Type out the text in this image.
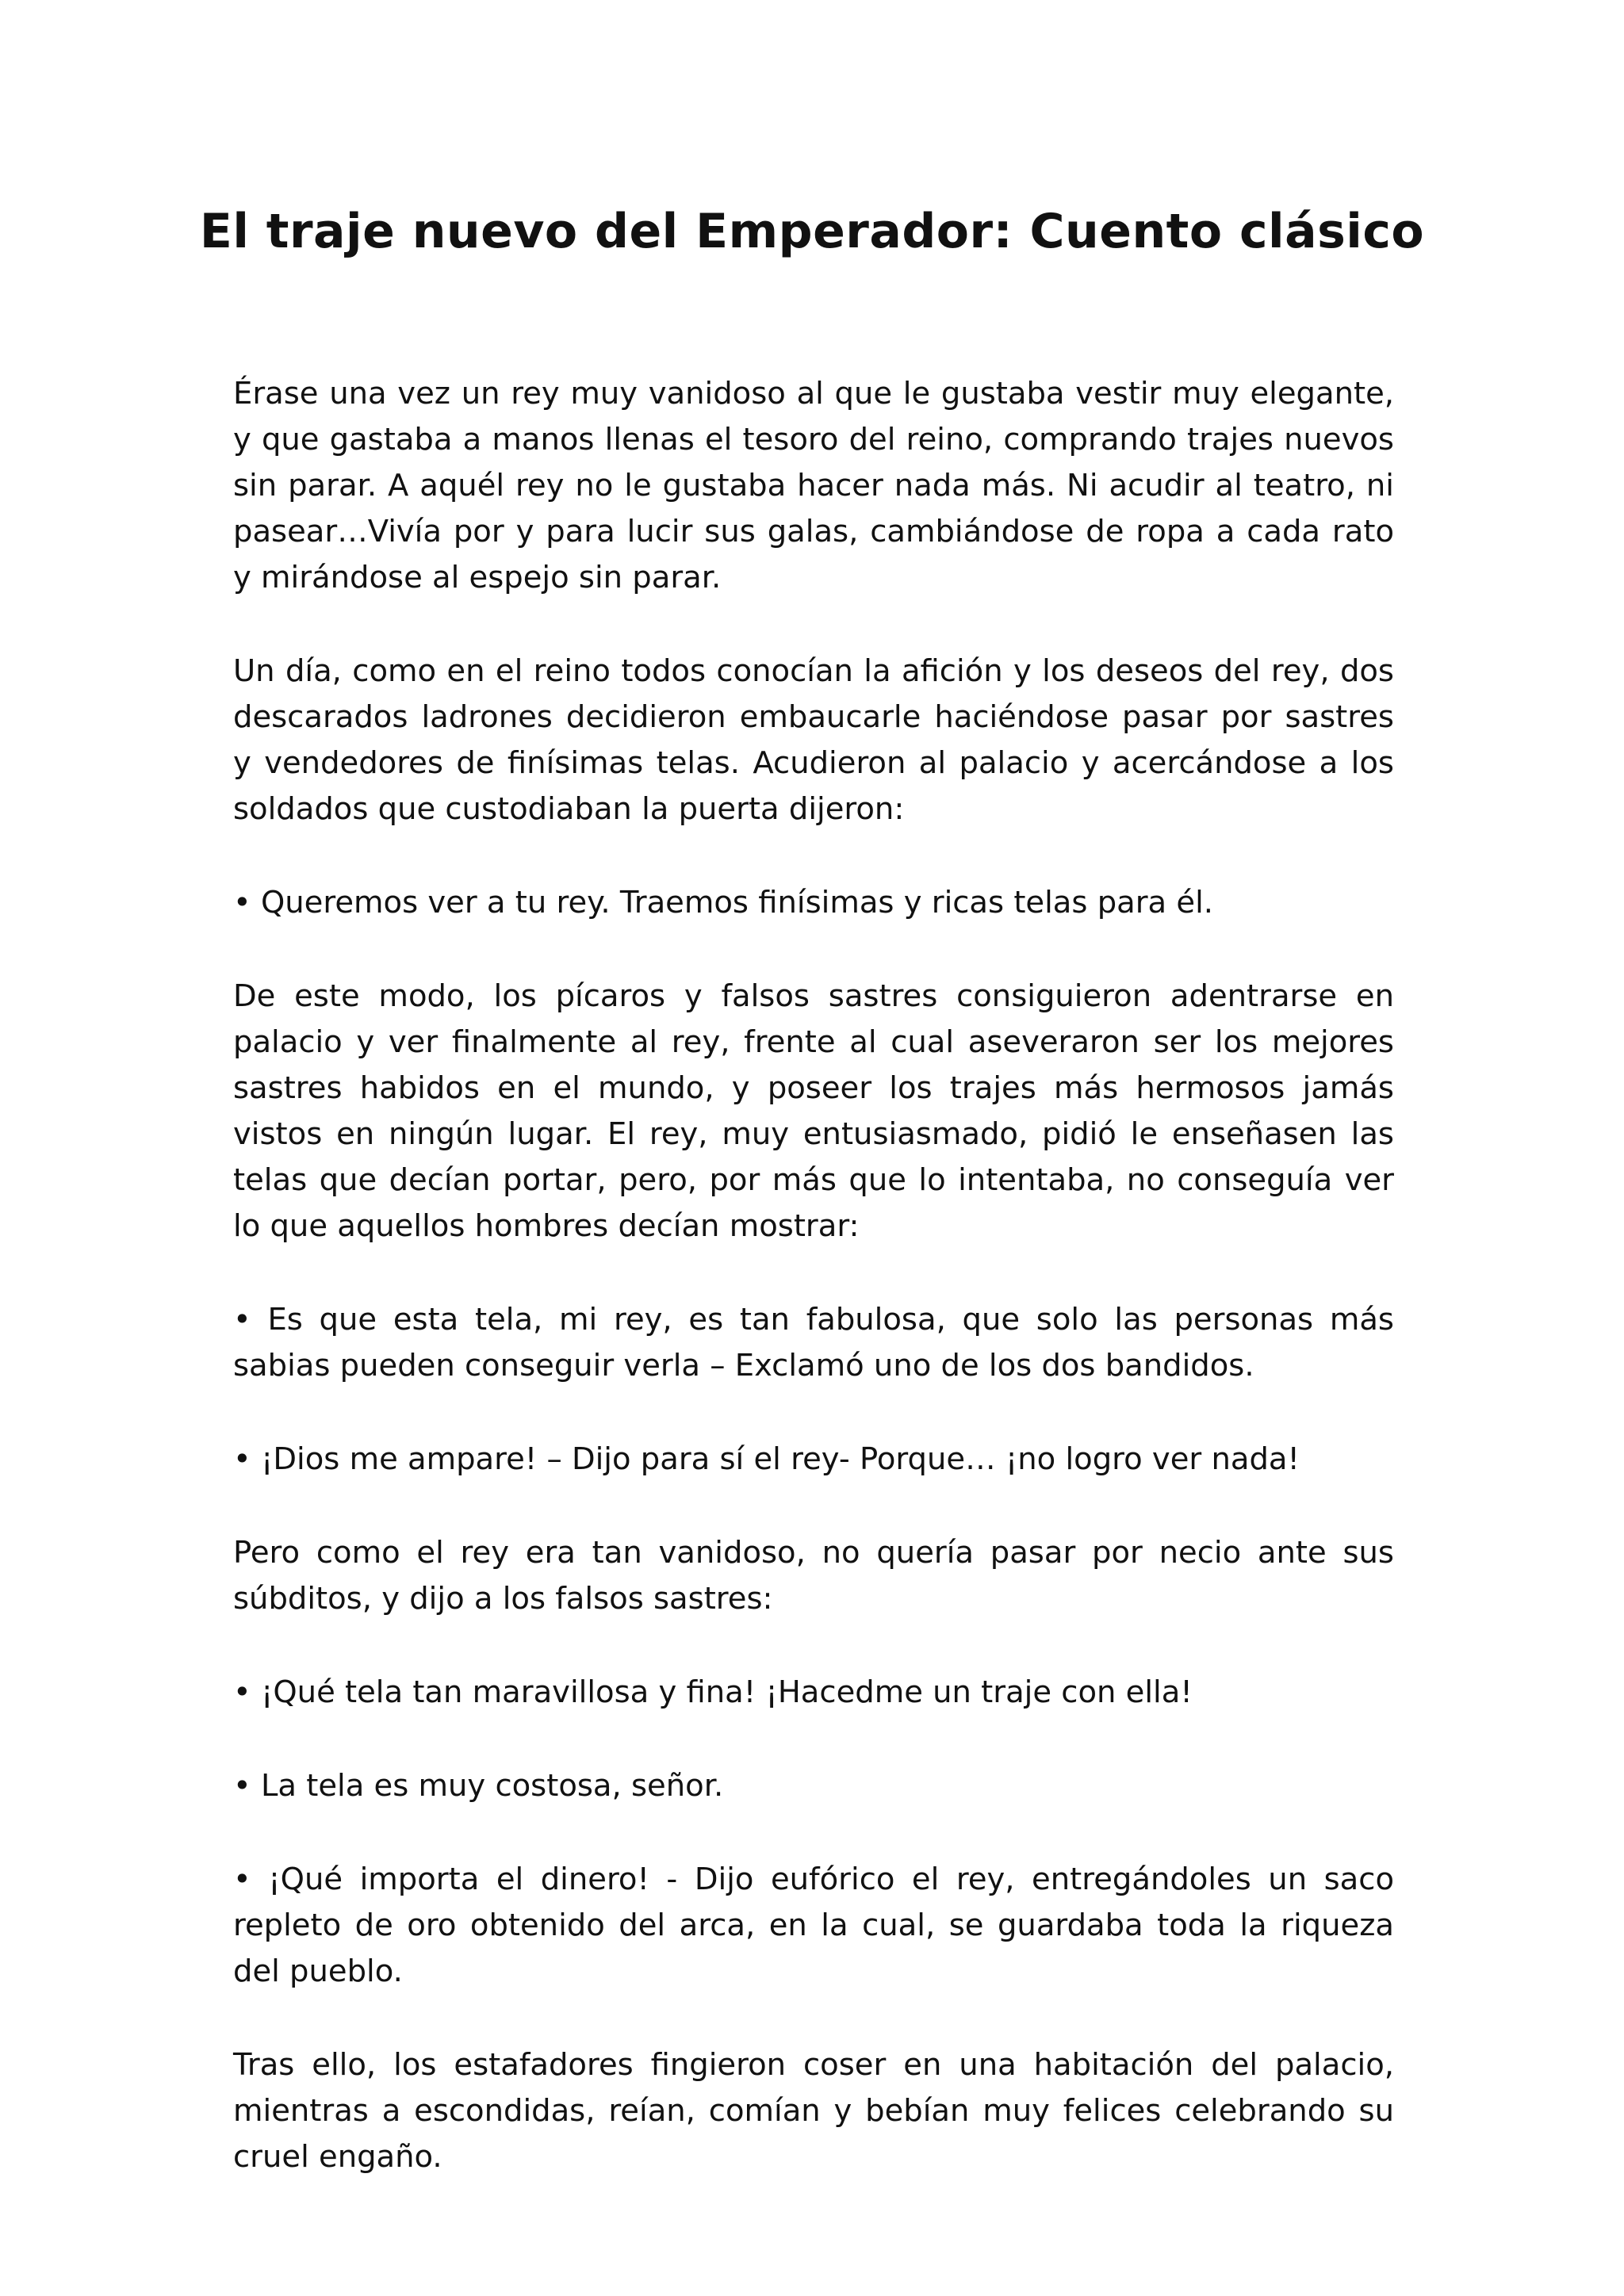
El traje nuevo del Emperador: Cuento clásico

Érase una vez un rey muy vanidoso al que le gustaba vestir muy elegante, y que gastaba a manos llenas el tesoro del reino, comprando trajes nuevos sin parar. A aquél rey no le gustaba hacer nada más. Ni acudir al teatro, ni pasear…Vivía por y para lucir sus galas, cambiándose de ropa a cada rato y mirándose al espejo sin parar.

Un día, como en el reino todos conocían la afición y los deseos del rey, dos descarados ladrones decidieron embaucarle haciéndose pasar por sastres y vendedores de finísimas telas. Acudieron al palacio y acercándose a los soldados que custodiaban la puerta dijeron:

• Queremos ver a tu rey. Traemos finísimas y ricas telas para él.

De este modo, los pícaros y falsos sastres consiguieron adentrarse en palacio y ver finalmente al rey, frente al cual aseveraron ser los mejores sastres habidos en el mundo, y poseer los trajes más hermosos jamás vistos en ningún lugar. El rey, muy entusiasmado, pidió le enseñasen las telas que decían portar, pero, por más que lo intentaba, no conseguía ver lo que aquellos hombres decían mostrar:

• Es que esta tela, mi rey, es tan fabulosa, que solo las personas más sabias pueden conseguir verla – Exclamó uno de los dos bandidos.

• ¡Dios me ampare! – Dijo para sí el rey- Porque… ¡no logro ver nada!

Pero como el rey era tan vanidoso, no quería pasar por necio ante sus súbditos, y dijo a los falsos sastres:

• ¡Qué tela tan maravillosa y fina! ¡Hacedme un traje con ella!

• La tela es muy costosa, señor.

• ¡Qué importa el dinero! - Dijo eufórico el rey, entregándoles un saco repleto de oro obtenido del arca, en la cual, se guardaba toda la riqueza del pueblo.

Tras ello, los estafadores fingieron coser en una habitación del palacio, mientras a escondidas, reían, comían y bebían muy felices celebrando su cruel engaño.
